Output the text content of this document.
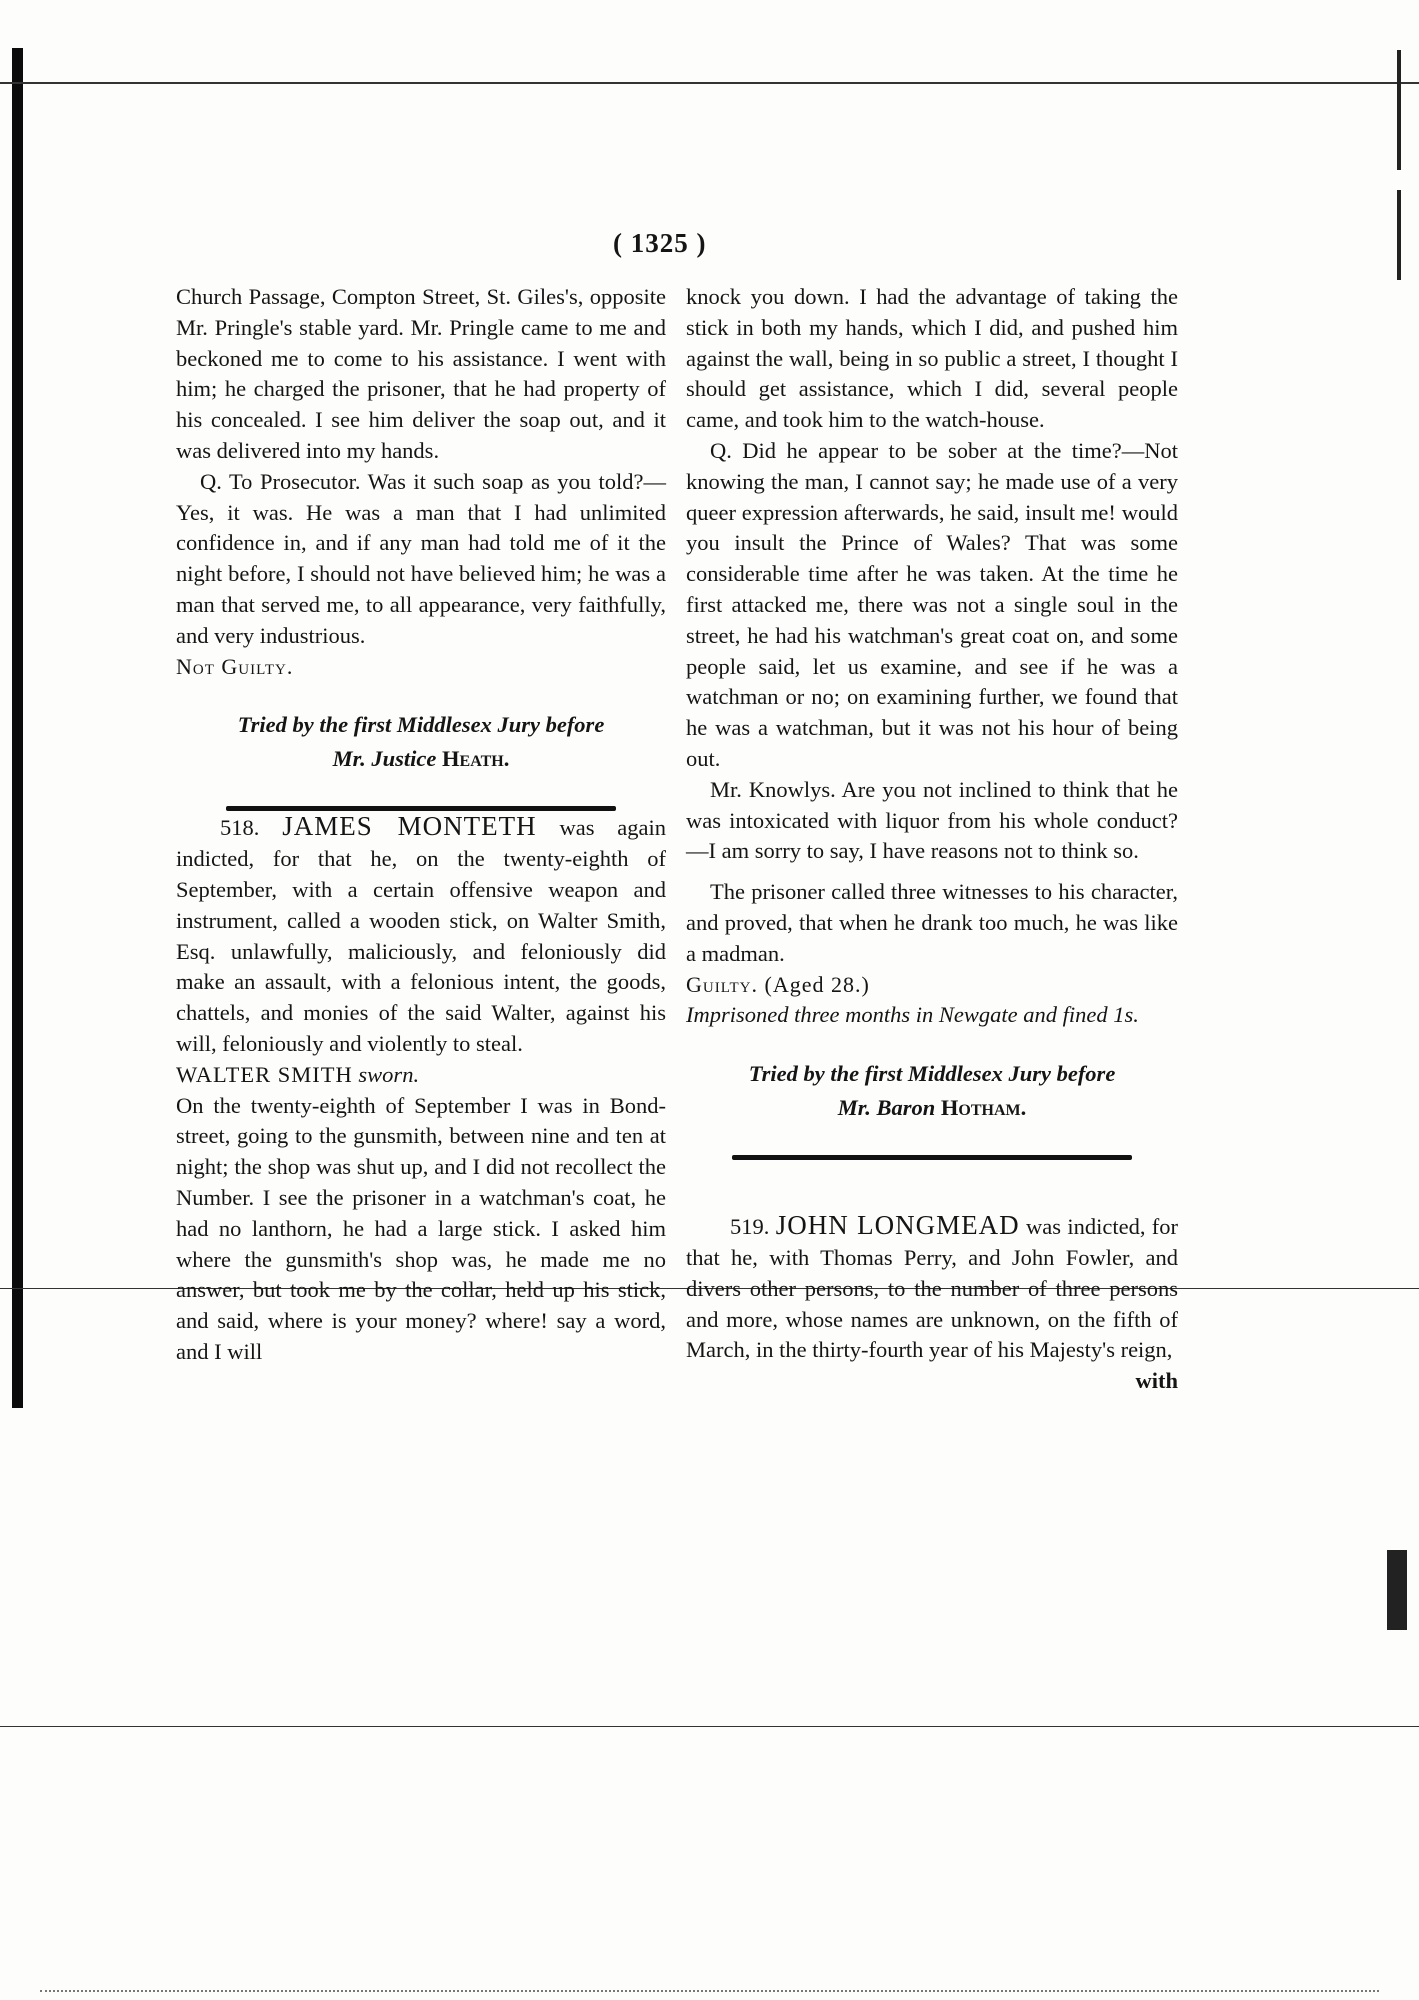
( 1325 )

Church Passage, Compton Street, St. Giles's, opposite Mr. Pringle's stable yard. Mr. Pringle came to me and beckoned me to come to his assistance. I went with him; he charged the prisoner, that he had property of his concealed. I see him deliver the soap out, and it was delivered into my hands.

Q. To Prosecutor. Was it such soap as you told?—Yes, it was. He was a man that I had unlimited confidence in, and if any man had told me of it the night before, I should not have believed him; he was a man that served me, to all appearance, very faithfully, and very industrious.

Not Guilty.

Tried by the first Middlesex Jury before
Mr. Justice Heath.

518. JAMES MONTETH was again indicted, for that he, on the twenty-eighth of September, with a certain offensive weapon and instrument, called a wooden stick, on Walter Smith, Esq. unlawfully, maliciously, and feloniously did make an assault, with a felonious intent, the goods, chattels, and monies of the said Walter, against his will, feloniously and violently to steal.

WALTER SMITH sworn.

On the twenty-eighth of September I was in Bond-street, going to the gunsmith, between nine and ten at night; the shop was shut up, and I did not recollect the Number. I see the prisoner in a watchman's coat, he had no lanthorn, he had a large stick. I asked him where the gunsmith's shop was, he made me no answer, but took me by the collar, held up his stick, and said, where is your money? where! say a word, and I will

knock you down. I had the advantage of taking the stick in both my hands, which I did, and pushed him against the wall, being in so public a street, I thought I should get assistance, which I did, several people came, and took him to the watch-house.

Q. Did he appear to be sober at the time?—Not knowing the man, I cannot say; he made use of a very queer expression afterwards, he said, insult me! would you insult the Prince of Wales? That was some considerable time after he was taken. At the time he first attacked me, there was not a single soul in the street, he had his watchman's great coat on, and some people said, let us examine, and see if he was a watchman or no; on examining further, we found that he was a watchman, but it was not his hour of being out.

Mr. Knowlys. Are you not inclined to think that he was intoxicated with liquor from his whole conduct?—I am sorry to say, I have reasons not to think so.

The prisoner called three witnesses to his character, and proved, that when he drank too much, he was like a madman.

Guilty. (Aged 28.)

Imprisoned three months in Newgate and fined 1s.

Tried by the first Middlesex Jury before
Mr. Baron Hotham.

519. JOHN LONGMEAD was indicted, for that he, with Thomas Perry, and John Fowler, and divers other persons, to the number of three persons and more, whose names are unknown, on the fifth of March, in the thirty-fourth year of his Majesty's reign,

with
